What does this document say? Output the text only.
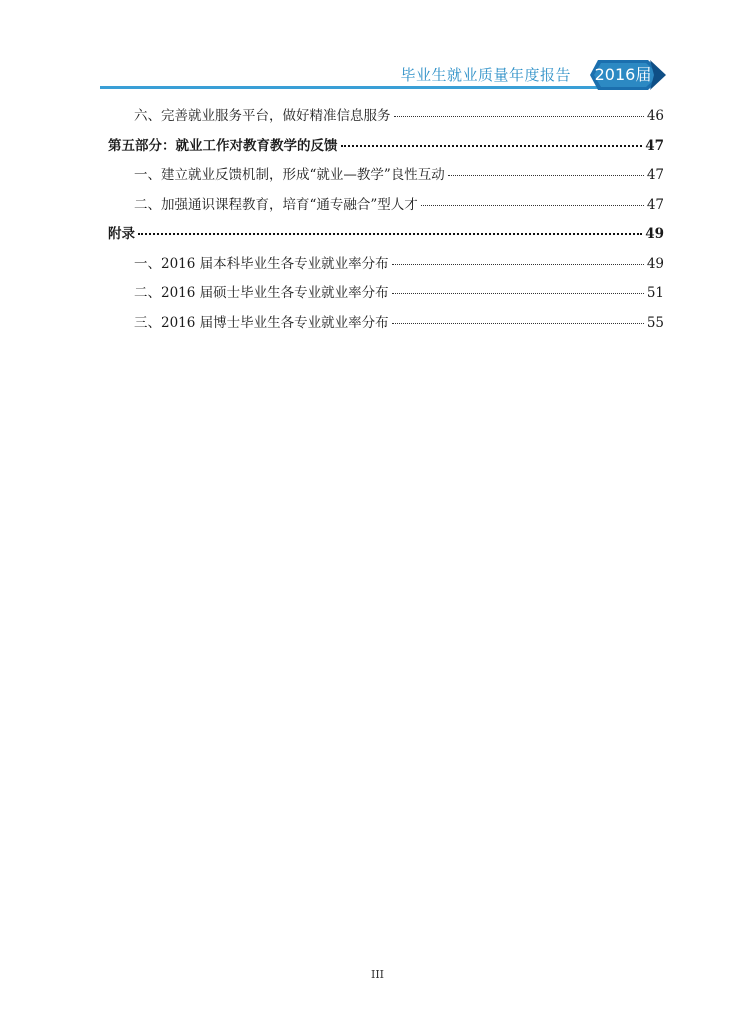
毕业生就业质量年度报告 2016届
六、完善就业服务平台，做好精准信息服务	46
第五部分：就业工作对教育教学的反馈	47
一、建立就业反馈机制，形成“就业—教学”良性互动	47
二、加强通识课程教育，培育“通专融合”型人才	47
附录	49
一、2016 届本科毕业生各专业就业率分布	49
二、2016 届硕士毕业生各专业就业率分布	51
三、2016 届博士毕业生各专业就业率分布	55
III
